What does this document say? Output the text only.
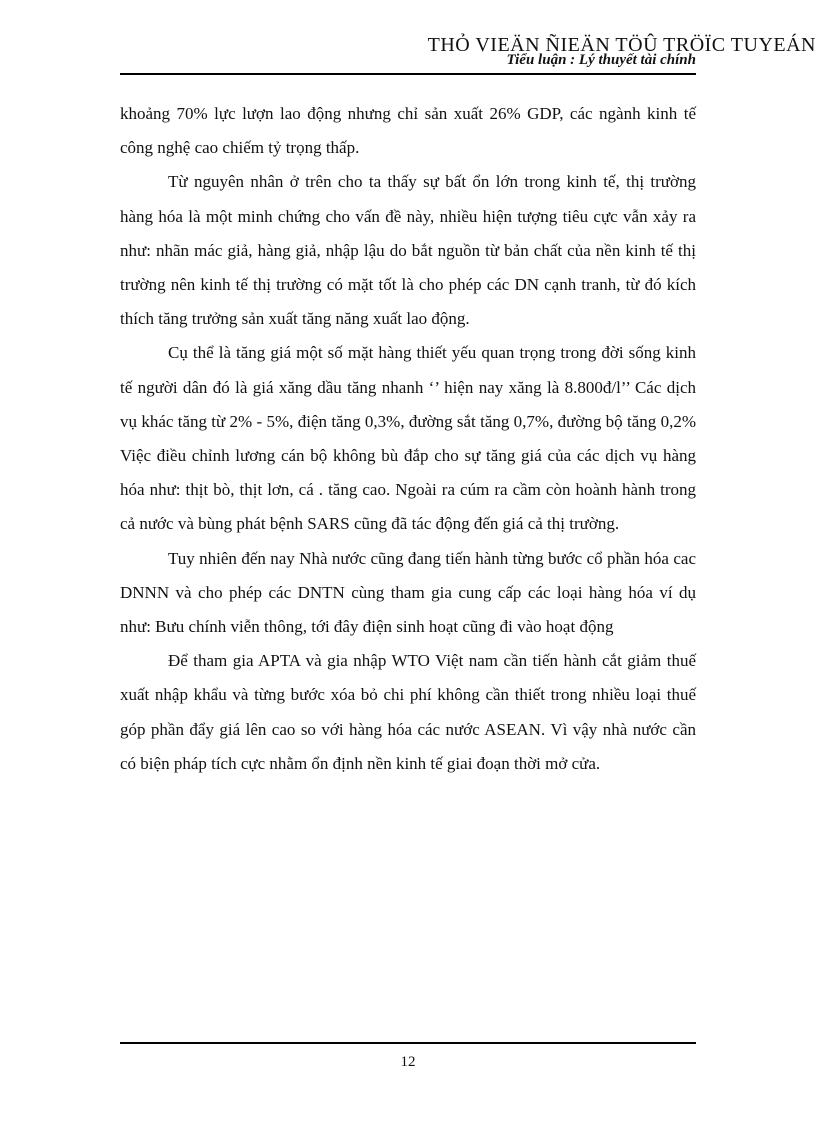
THỎ VIEÄN ÑIEÄN TÖÛ TRÖÏC TUYEÁN
Tiểu luận : Lý thuyết tài chính

khoảng 70% lực lượn lao động nhưng chỉ sản xuất 26% GDP, các ngành kinh tế công nghệ cao chiếm tỷ trọng thấp.

Từ nguyên nhân ở trên cho ta thấy sự bất ổn lớn trong kinh tế, thị trường hàng hóa là một minh chứng cho vấn đề này, nhiều hiện tượng tiêu cực vẫn xảy ra như: nhãn mác giả, hàng giả, nhập lậu do bắt nguồn từ bản chất của nền kinh tế thị trường nên kinh tế thị trường có mặt tốt là cho phép các DN cạnh tranh, từ đó kích thích tăng trưởng sản xuất tăng năng xuất lao động.

Cụ thể là tăng giá một số mặt hàng thiết yếu quan trọng trong đời sống kinh tế người dân đó là giá xăng dầu tăng nhanh ‘’ hiện nay xăng là 8.800đ/l’’ Các dịch vụ khác tăng từ 2% - 5%, điện tăng 0,3%, đường sắt tăng 0,7%, đường bộ tăng 0,2% Việc điều chỉnh lương cán bộ không bù đắp cho sự tăng giá của các dịch vụ hàng hóa như: thịt bò, thịt lơn, cá . tăng cao. Ngoài ra cúm ra cầm còn hoành hành trong cả nước và bùng phát bệnh SARS cũng đã tác động đến giá cả thị trường.

Tuy nhiên đến nay Nhà nước cũng đang tiến hành từng bước cổ phần hóa cac DNNN và cho phép các DNTN cùng tham gia cung cấp các loại hàng hóa ví dụ như: Bưu chính viễn thông, tới đây điện sinh hoạt cũng đi vào hoạt động

Để tham gia APTA và gia nhập WTO Việt nam cần tiến hành cắt giảm thuế xuất nhập khẩu và từng bước xóa bỏ chi phí không cần thiết trong nhiều loại thuế góp phần đẩy giá lên cao so với hàng hóa các nước ASEAN. Vì vậy nhà nước cần có biện pháp tích cực nhằm ổn định nền kinh tế giai đoạn thời mở cửa.

12
